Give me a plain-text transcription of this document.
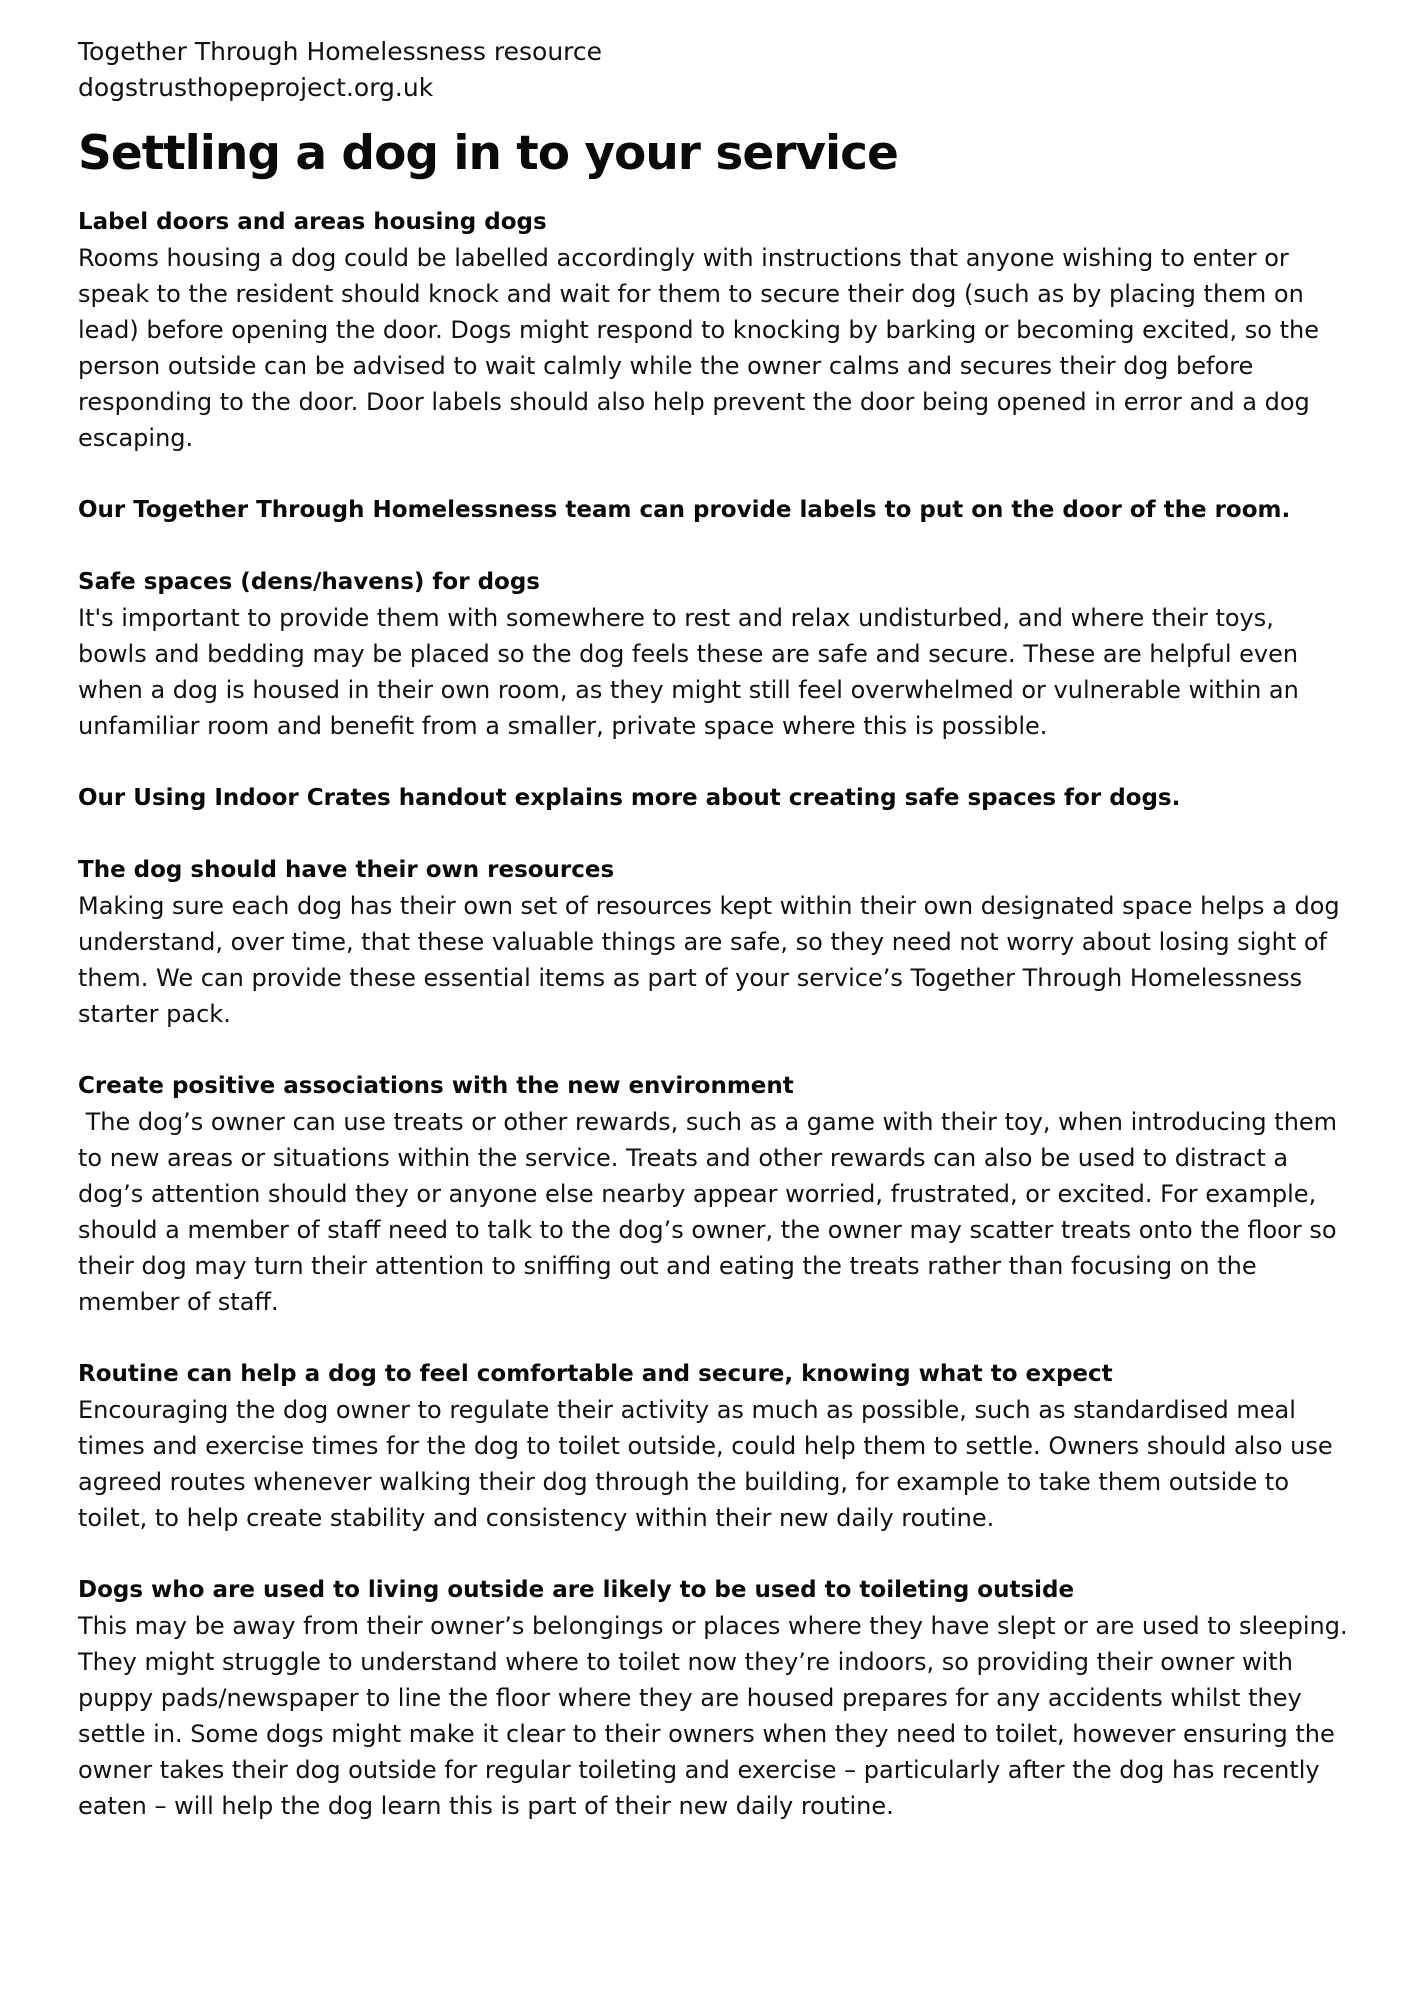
Together Through Homelessness resource
dogstrusthopeproject.org.uk
Settling a dog in to your service
Label doors and areas housing dogs
Rooms housing a dog could be labelled accordingly with instructions that anyone wishing to enter or speak to the resident should knock and wait for them to secure their dog (such as by placing them on lead) before opening the door. Dogs might respond to knocking by barking or becoming excited, so the person outside can be advised to wait calmly while the owner calms and secures their dog before responding to the door. Door labels should also help prevent the door being opened in error and a dog escaping.
Our Together Through Homelessness team can provide labels to put on the door of the room.
Safe spaces (dens/havens) for dogs
It's important to provide them with somewhere to rest and relax undisturbed, and where their toys, bowls and bedding may be placed so the dog feels these are safe and secure. These are helpful even when a dog is housed in their own room, as they might still feel overwhelmed or vulnerable within an unfamiliar room and benefit from a smaller, private space where this is possible.
Our Using Indoor Crates handout explains more about creating safe spaces for dogs.
The dog should have their own resources
Making sure each dog has their own set of resources kept within their own designated space helps a dog understand, over time, that these valuable things are safe, so they need not worry about losing sight of them. We can provide these essential items as part of your service’s Together Through Homelessness starter pack.
Create positive associations with the new environment
The dog’s owner can use treats or other rewards, such as a game with their toy, when introducing them to new areas or situations within the service. Treats and other rewards can also be used to distract a dog’s attention should they or anyone else nearby appear worried, frustrated, or excited. For example, should a member of staff need to talk to the dog’s owner, the owner may scatter treats onto the floor so their dog may turn their attention to sniffing out and eating the treats rather than focusing on the member of staff.
Routine can help a dog to feel comfortable and secure, knowing what to expect
Encouraging the dog owner to regulate their activity as much as possible, such as standardised meal times and exercise times for the dog to toilet outside, could help them to settle. Owners should also use agreed routes whenever walking their dog through the building, for example to take them outside to toilet, to help create stability and consistency within their new daily routine.
Dogs who are used to living outside are likely to be used to toileting outside
This may be away from their owner’s belongings or places where they have slept or are used to sleeping. They might struggle to understand where to toilet now they’re indoors, so providing their owner with puppy pads/newspaper to line the floor where they are housed prepares for any accidents whilst they settle in. Some dogs might make it clear to their owners when they need to toilet, however ensuring the owner takes their dog outside for regular toileting and exercise – particularly after the dog has recently eaten – will help the dog learn this is part of their new daily routine.
